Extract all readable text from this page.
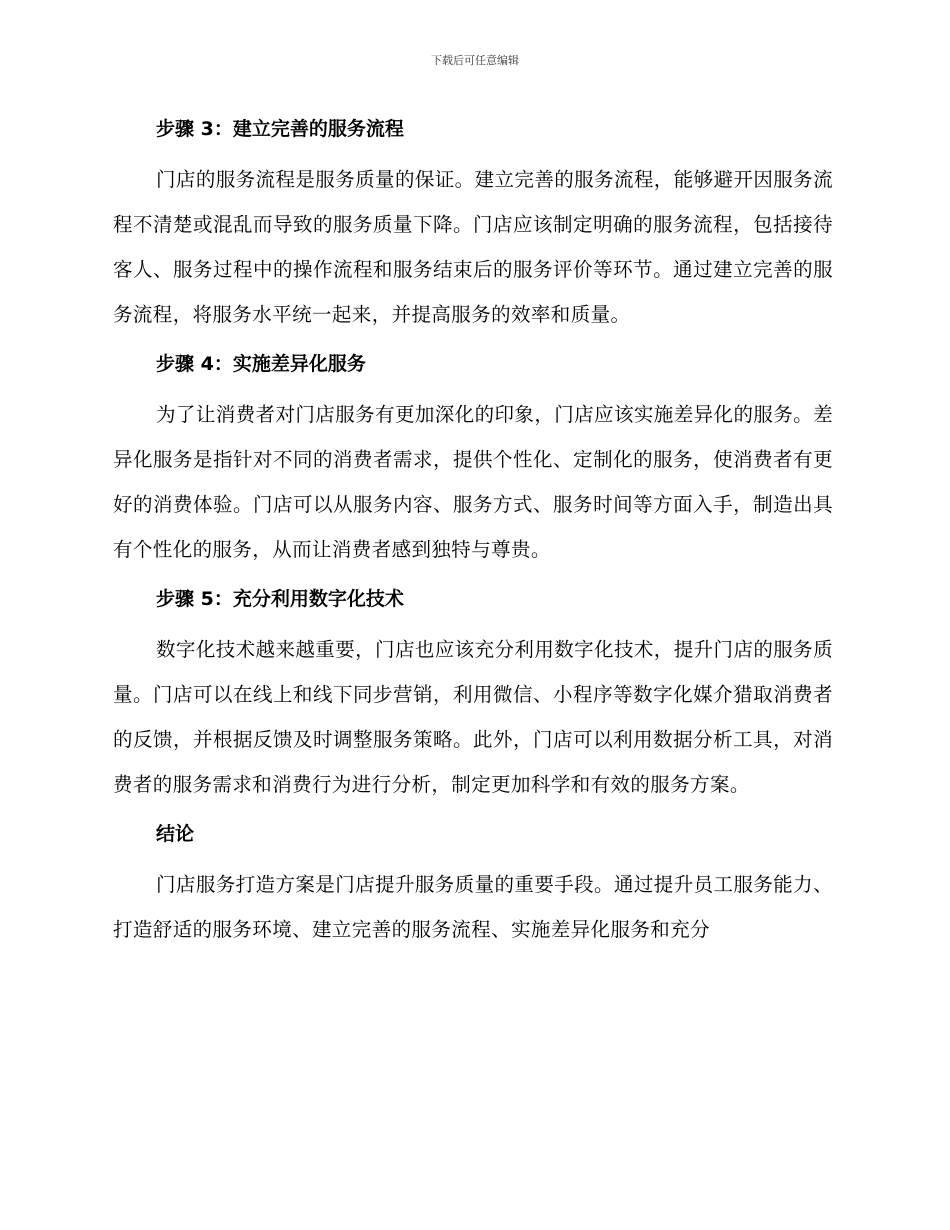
下载后可任意编辑
步骤 3：建立完善的服务流程

门店的服务流程是服务质量的保证。建立完善的服务流程，能够避开因服务流程不清楚或混乱而导致的服务质量下降。门店应该制定明确的服务流程，包括接待客人、服务过程中的操作流程和服务结束后的服务评价等环节。通过建立完善的服务流程，将服务水平统一起来，并提高服务的效率和质量。

步骤 4：实施差异化服务

为了让消费者对门店服务有更加深化的印象，门店应该实施差异化的服务。差异化服务是指针对不同的消费者需求，提供个性化、定制化的服务，使消费者有更好的消费体验。门店可以从服务内容、服务方式、服务时间等方面入手，制造出具有个性化的服务，从而让消费者感到独特与尊贵。

步骤 5：充分利用数字化技术

数字化技术越来越重要，门店也应该充分利用数字化技术，提升门店的服务质量。门店可以在线上和线下同步营销，利用微信、小程序等数字化媒介猎取消费者的反馈，并根据反馈及时调整服务策略。此外，门店可以利用数据分析工具，对消费者的服务需求和消费行为进行分析，制定更加科学和有效的服务方案。

结论

门店服务打造方案是门店提升服务质量的重要手段。通过提升员工服务能力、打造舒适的服务环境、建立完善的服务流程、实施差异化服务和充分
